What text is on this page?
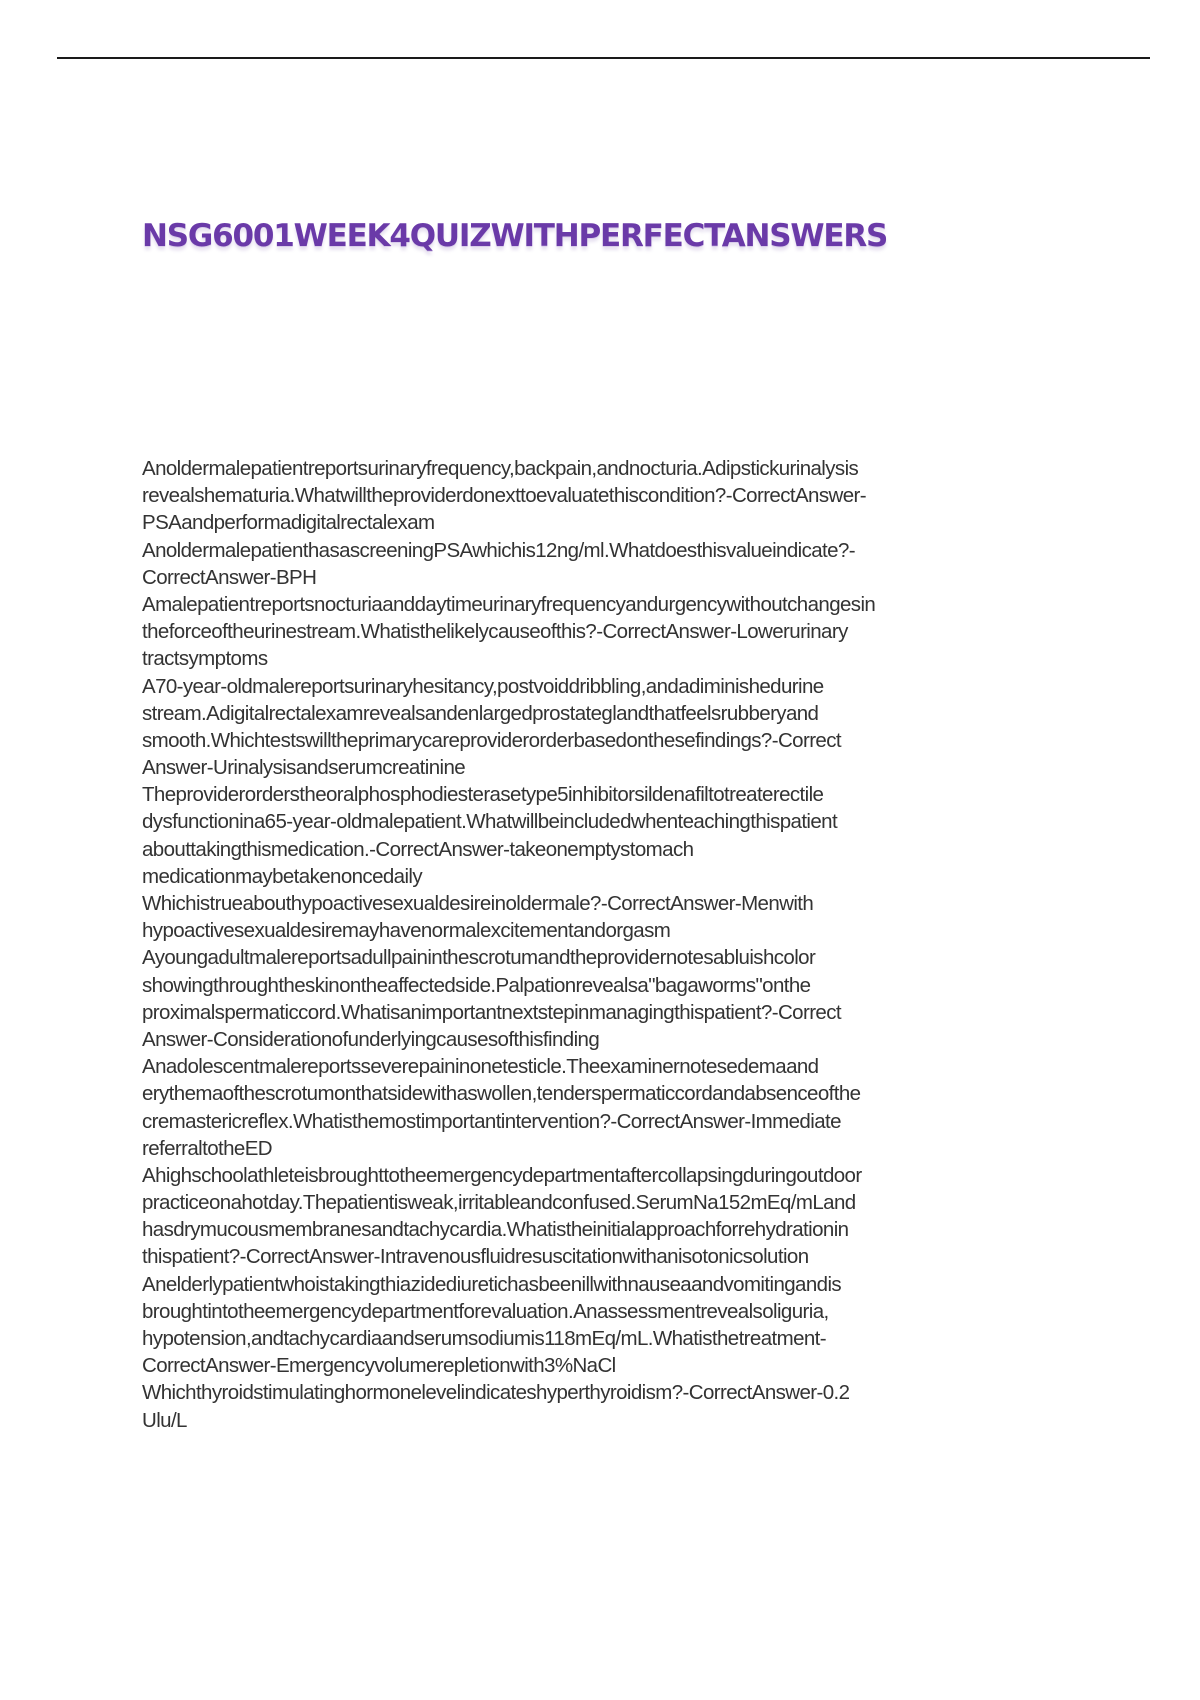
NSG6001WEEK4QUIZWITHPERFECTANSWERS
Anoldermalepatientreportsurinaryfrequency,backpain,andnocturia.Adipstickurinalysis
revealshematuria.Whatwilltheproviderdonexttoevaluatethiscondition?-CorrectAnswer-
PSAandperformadigitalrectalexam
AnoldermalepatienthasascreeningPSAwhichis12ng/ml.Whatdoesthisvalueindicate?-
CorrectAnswer-BPH
Amalepatientreportsnocturiaanddaytimeurinaryfrequencyandurgencywithoutchangesin
theforceoftheurinestream.Whatisthelikelycauseofthis?-CorrectAnswer-Lowerurinary
tractsymptoms
A70-year-oldmalereportsurinaryhesitancy,postvoiddribbling,andadiminishedurine
stream.Adigitalrectalexamrevealsandenlargedprostateglandthatfeelsrubberyand
smooth.Whichtestswilltheprimarycareproviderorderbasedonthesefindings?-Correct
Answer-Urinalysisandserumcreatinine
Theproviderorderstheoralphosphodiesterasetype5inhibitorsildenafiltotreaterectile
dysfunctionina65-year-oldmalepatient.Whatwillbeincludedwhenteachingthispatient
abouttakingthismedication.-CorrectAnswer-takeonemptystomach
medicationmaybetakenoncedaily
Whichistrueabouthypoactivesexualdesireinoldermale?-CorrectAnswer-Menwith
hypoactivesexualdesiremayhavenormalexcitementandorgasm
Ayoungadultmalereportsadullpaininthescrotumandtheprovidernotesabluishcolor
showingthroughtheskinontheaffectedside.Palpationrevealsa"bagaworms"onthe
proximalspermaticcord.Whatisanimportantnextstepinmanagingthispatient?-Correct
Answer-Considerationofunderlyingcausesofthisfinding
Anadolescentmalereportsseverepaininonetesticle.Theexaminernotesedemaand
erythemaofthescrotumonthatsidewithaswollen,tenderspermaticcordandabsenceofthe
cremastericreflex.Whatisthemostimportantintervention?-CorrectAnswer-Immediate
referraltotheED
Ahighschoolathleteisbroughttotheemergencydepartmentaftercollapsingduringoutdoor
practiceonahotday.Thepatientisweak,irritableandconfused.SerumNa152mEq/mLand
hasdrymucousmembranesandtachycardia.Whatistheinitialapproachforrehydrationin
thispatient?-CorrectAnswer-Intravenousfluidresuscitationwithanisotonicsolution
Anelderlypatientwhoistakingthiazidediuretichasbeenillwithnauseaandvomitingandis
broughtintotheemergencydepartmentforevaluation.Anassessmentrevealsoliguria,
hypotension,andtachycardiaandserumsodiumis118mEq/mL.Whatisthetreatment-
CorrectAnswer-Emergencyvolumerepletionwith3%NaCl
Whichthyroidstimulatinghormonelevelindicateshyperthyroidism?-CorrectAnswer-0.2
Ulu/L
